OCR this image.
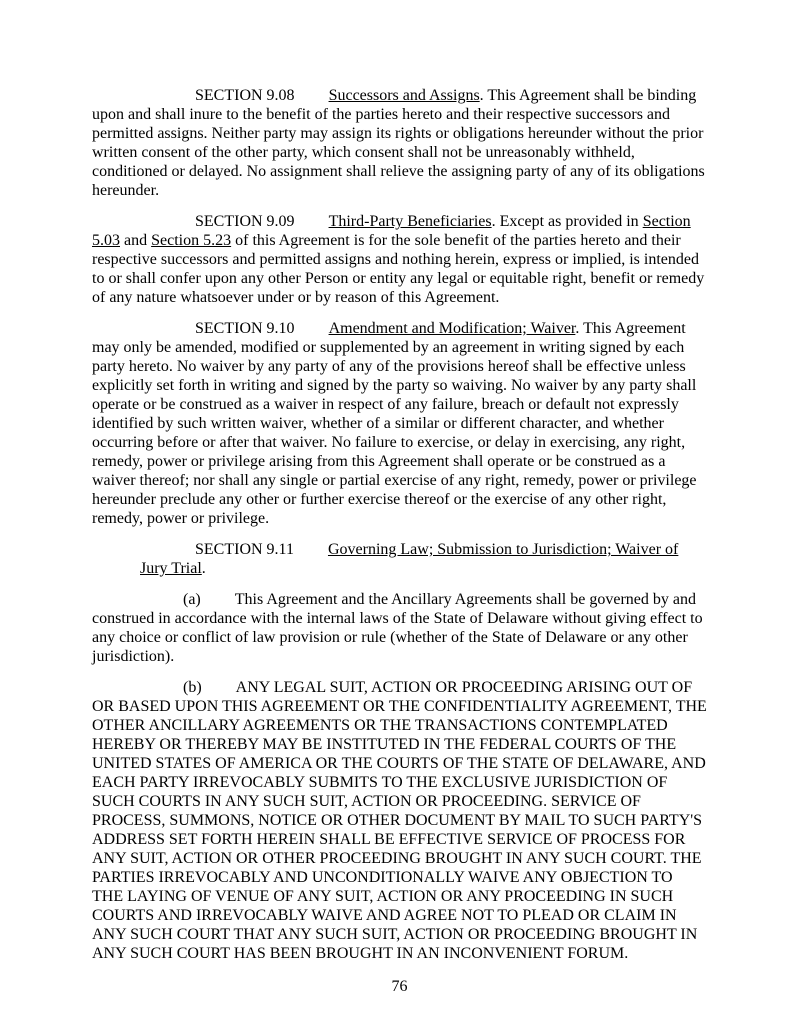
SECTION 9.08 Successors and Assigns. This Agreement shall be binding upon and shall inure to the benefit of the parties hereto and their respective successors and permitted assigns. Neither party may assign its rights or obligations hereunder without the prior written consent of the other party, which consent shall not be unreasonably withheld, conditioned or delayed. No assignment shall relieve the assigning party of any of its obligations hereunder.

SECTION 9.09 Third-Party Beneficiaries. Except as provided in Section 5.03 and Section 5.23 of this Agreement is for the sole benefit of the parties hereto and their respective successors and permitted assigns and nothing herein, express or implied, is intended to or shall confer upon any other Person or entity any legal or equitable right, benefit or remedy of any nature whatsoever under or by reason of this Agreement.

SECTION 9.10 Amendment and Modification; Waiver. This Agreement may only be amended, modified or supplemented by an agreement in writing signed by each party hereto. No waiver by any party of any of the provisions hereof shall be effective unless explicitly set forth in writing and signed by the party so waiving. No waiver by any party shall operate or be construed as a waiver in respect of any failure, breach or default not expressly identified by such written waiver, whether of a similar or different character, and whether occurring before or after that waiver. No failure to exercise, or delay in exercising, any right, remedy, power or privilege arising from this Agreement shall operate or be construed as a waiver thereof; nor shall any single or partial exercise of any right, remedy, power or privilege hereunder preclude any other or further exercise thereof or the exercise of any other right, remedy, power or privilege.

SECTION 9.11 Governing Law; Submission to Jurisdiction; Waiver of Jury Trial.

(a) This Agreement and the Ancillary Agreements shall be governed by and construed in accordance with the internal laws of the State of Delaware without giving effect to any choice or conflict of law provision or rule (whether of the State of Delaware or any other jurisdiction).

(b) ANY LEGAL SUIT, ACTION OR PROCEEDING ARISING OUT OF OR BASED UPON THIS AGREEMENT OR THE CONFIDENTIALITY AGREEMENT, THE OTHER ANCILLARY AGREEMENTS OR THE TRANSACTIONS CONTEMPLATED HEREBY OR THEREBY MAY BE INSTITUTED IN THE FEDERAL COURTS OF THE UNITED STATES OF AMERICA OR THE COURTS OF THE STATE OF DELAWARE, AND EACH PARTY IRREVOCABLY SUBMITS TO THE EXCLUSIVE JURISDICTION OF SUCH COURTS IN ANY SUCH SUIT, ACTION OR PROCEEDING. SERVICE OF PROCESS, SUMMONS, NOTICE OR OTHER DOCUMENT BY MAIL TO SUCH PARTY'S ADDRESS SET FORTH HEREIN SHALL BE EFFECTIVE SERVICE OF PROCESS FOR ANY SUIT, ACTION OR OTHER PROCEEDING BROUGHT IN ANY SUCH COURT. THE PARTIES IRREVOCABLY AND UNCONDITIONALLY WAIVE ANY OBJECTION TO THE LAYING OF VENUE OF ANY SUIT, ACTION OR ANY PROCEEDING IN SUCH COURTS AND IRREVOCABLY WAIVE AND AGREE NOT TO PLEAD OR CLAIM IN ANY SUCH COURT THAT ANY SUCH SUIT, ACTION OR PROCEEDING BROUGHT IN ANY SUCH COURT HAS BEEN BROUGHT IN AN INCONVENIENT FORUM.

76
